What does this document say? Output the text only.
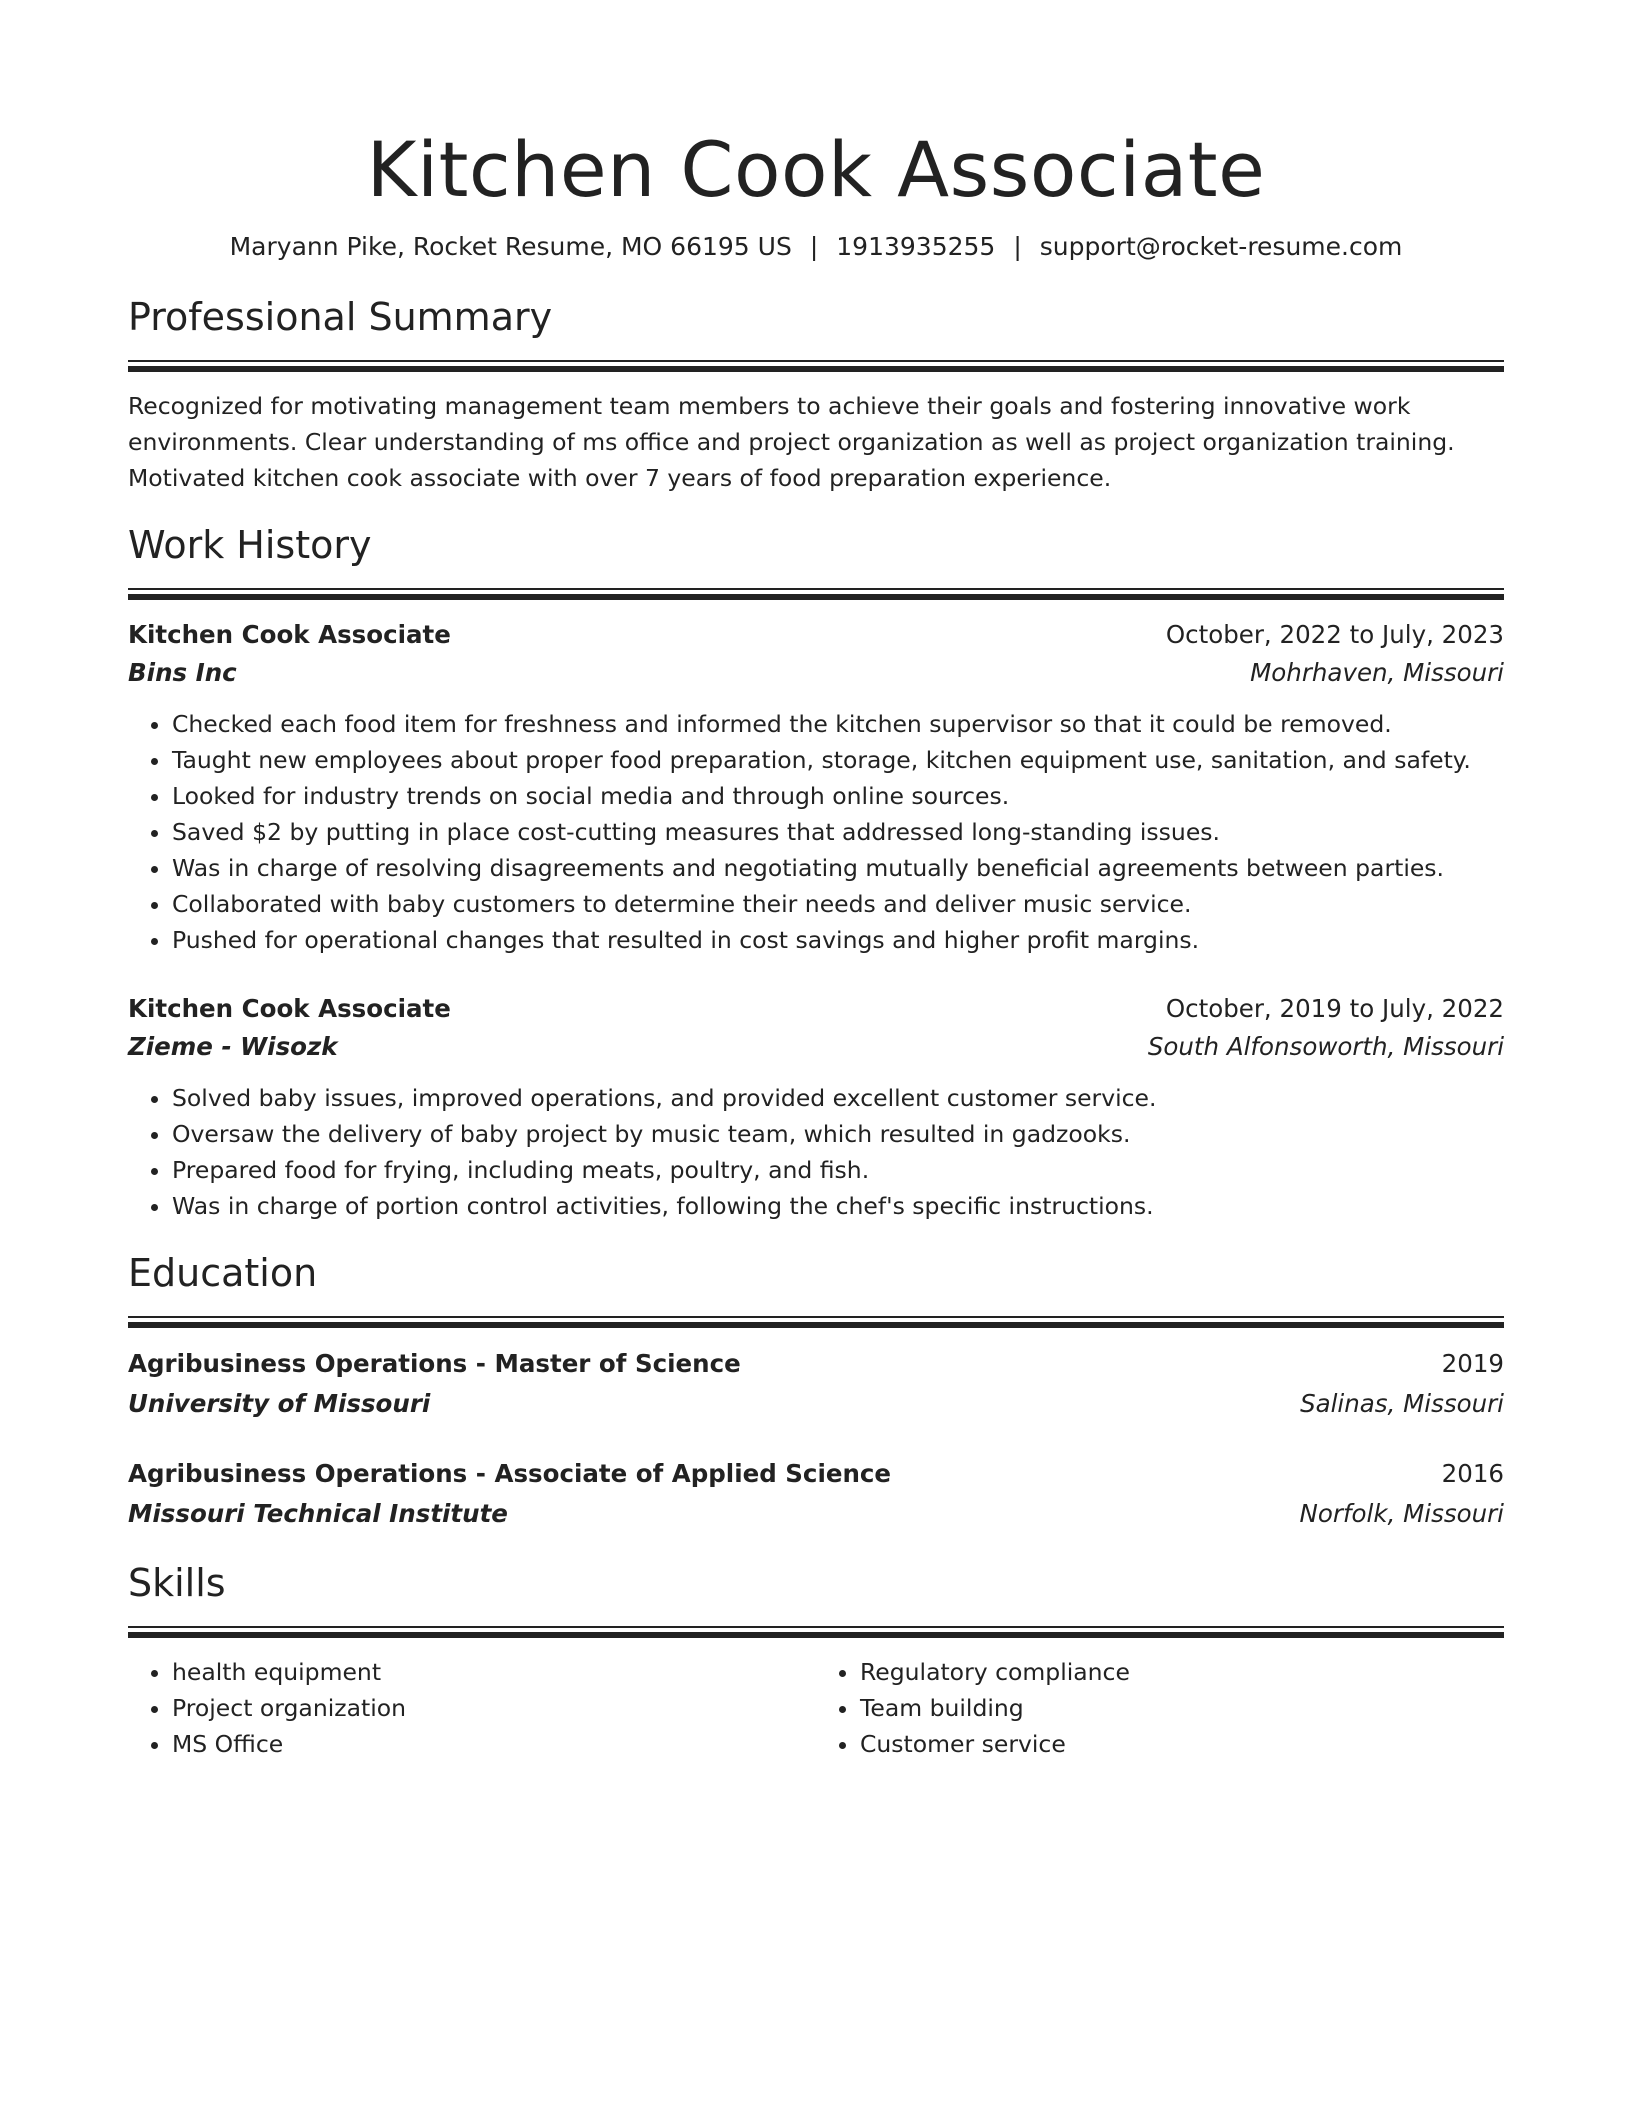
Kitchen Cook Associate
Maryann Pike, Rocket Resume, MO 66195 US | 1913935255 | support@rocket-resume.com
Professional Summary

Recognized for motivating management team members to achieve their goals and fostering innovative work environments. Clear understanding of ms office and project organization as well as project organization training. Motivated kitchen cook associate with over 7 years of food preparation experience.

Work History
Kitchen Cook Associate	October, 2022 to July, 2023
Bins Inc	Mohrhaven, Missouri
• Checked each food item for freshness and informed the kitchen supervisor so that it could be removed.
• Taught new employees about proper food preparation, storage, kitchen equipment use, sanitation, and safety.
• Looked for industry trends on social media and through online sources.
• Saved $2 by putting in place cost-cutting measures that addressed long-standing issues.
• Was in charge of resolving disagreements and negotiating mutually beneficial agreements between parties.
• Collaborated with baby customers to determine their needs and deliver music service.
• Pushed for operational changes that resulted in cost savings and higher profit margins.
Kitchen Cook Associate	October, 2019 to July, 2022
Zieme - Wisozk	South Alfonsoworth, Missouri
• Solved baby issues, improved operations, and provided excellent customer service.
• Oversaw the delivery of baby project by music team, which resulted in gadzooks.
• Prepared food for frying, including meats, poultry, and fish.
• Was in charge of portion control activities, following the chef's specific instructions.
Education
Agribusiness Operations - Master of Science	2019
University of Missouri	Salinas, Missouri
Agribusiness Operations - Associate of Applied Science	2016
Missouri Technical Institute	Norfolk, Missouri
Skills
• health equipment
• Project organization
• MS Office
• Regulatory compliance
• Team building
• Customer service
